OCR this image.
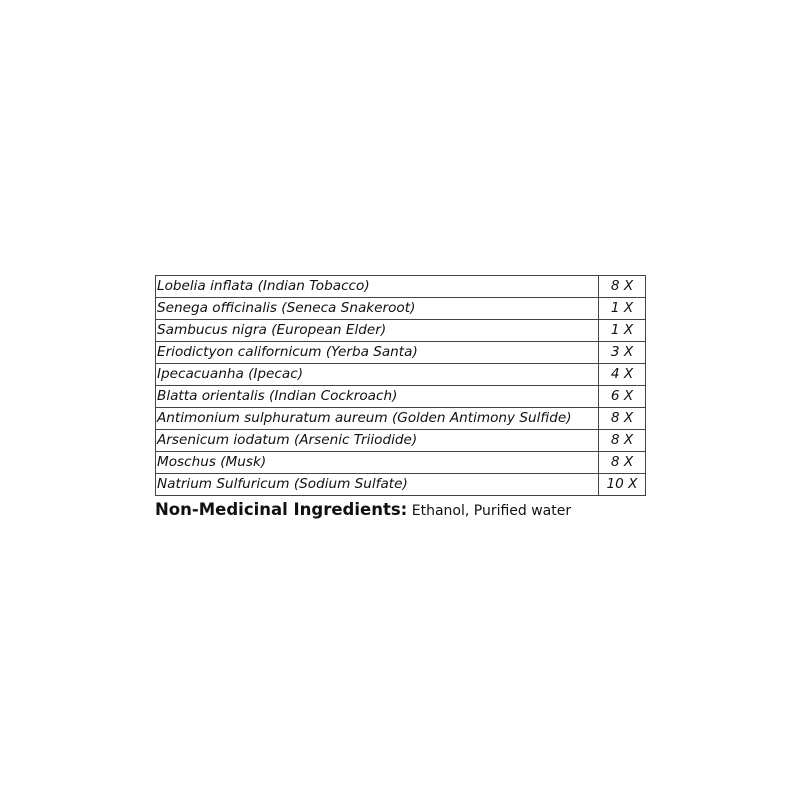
Lobelia inflata (Indian Tobacco)	8 X
Senega officinalis (Seneca Snakeroot)	1 X
Sambucus nigra (European Elder)	1 X
Eriodictyon californicum (Yerba Santa)	3 X
Ipecacuanha (Ipecac)	4 X
Blatta orientalis (Indian Cockroach)	6 X
Antimonium sulphuratum aureum (Golden Antimony Sulfide)	8 X
Arsenicum iodatum (Arsenic Triiodide)	8 X
Moschus (Musk)	8 X
Natrium Sulfuricum (Sodium Sulfate)	10 X
Non-Medicinal Ingredients: Ethanol, Purified water
